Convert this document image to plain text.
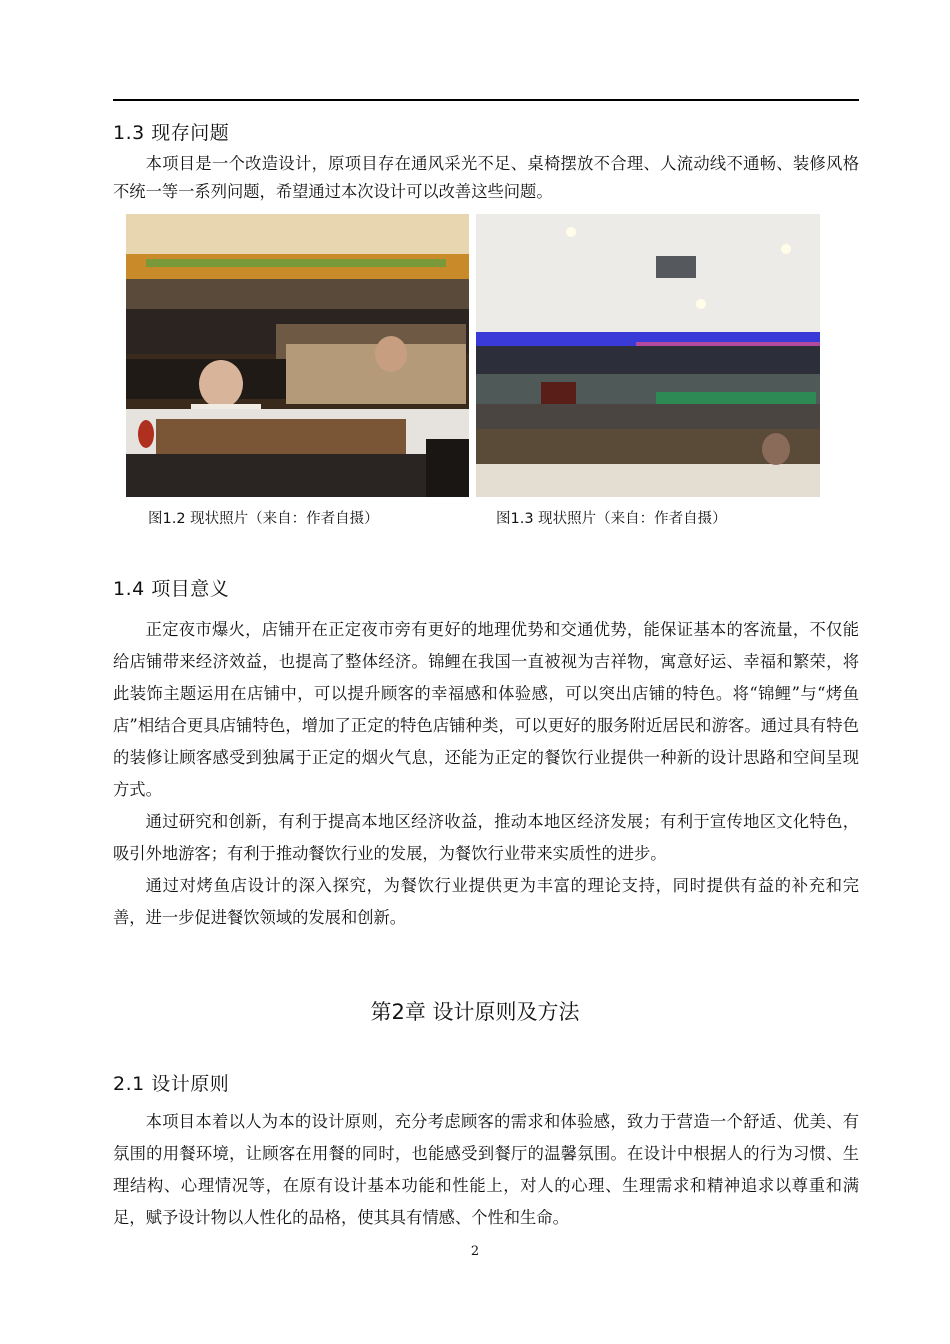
1.3 现存问题

本项目是一个改造设计，原项目存在通风采光不足、桌椅摆放不合理、人流动线不通畅、装修风格不统一等一系列问题，希望通过本次设计可以改善这些问题。

图1.2 现状照片（来自：作者自摄）	图1.3 现状照片（来自：作者自摄）
1.4 项目意义

正定夜市爆火，店铺开在正定夜市旁有更好的地理优势和交通优势，能保证基本的客流量，不仅能给店铺带来经济效益，也提高了整体经济。锦鲤在我国一直被视为吉祥物，寓意好运、幸福和繁荣，将此装饰主题运用在店铺中，可以提升顾客的幸福感和体验感，可以突出店铺的特色。将“锦鲤”与“烤鱼店”相结合更具店铺特色，增加了正定的特色店铺种类，可以更好的服务附近居民和游客。通过具有特色的装修让顾客感受到独属于正定的烟火气息，还能为正定的餐饮行业提供一种新的设计思路和空间呈现方式。

通过研究和创新，有利于提高本地区经济收益，推动本地区经济发展；有利于宣传地区文化特色，吸引外地游客；有利于推动餐饮行业的发展，为餐饮行业带来实质性的进步。

通过对烤鱼店设计的深入探究，为餐饮行业提供更为丰富的理论支持，同时提供有益的补充和完善，进一步促进餐饮领域的发展和创新。

第2章 设计原则及方法
2.1 设计原则

本项目本着以人为本的设计原则，充分考虑顾客的需求和体验感，致力于营造一个舒适、优美、有氛围的用餐环境，让顾客在用餐的同时，也能感受到餐厅的温馨氛围。在设计中根据人的行为习惯、生理结构、心理情况等，在原有设计基本功能和性能上，对人的心理、生理需求和精神追求以尊重和满足，赋予设计物以人性化的品格，使其具有情感、个性和生命。

2
